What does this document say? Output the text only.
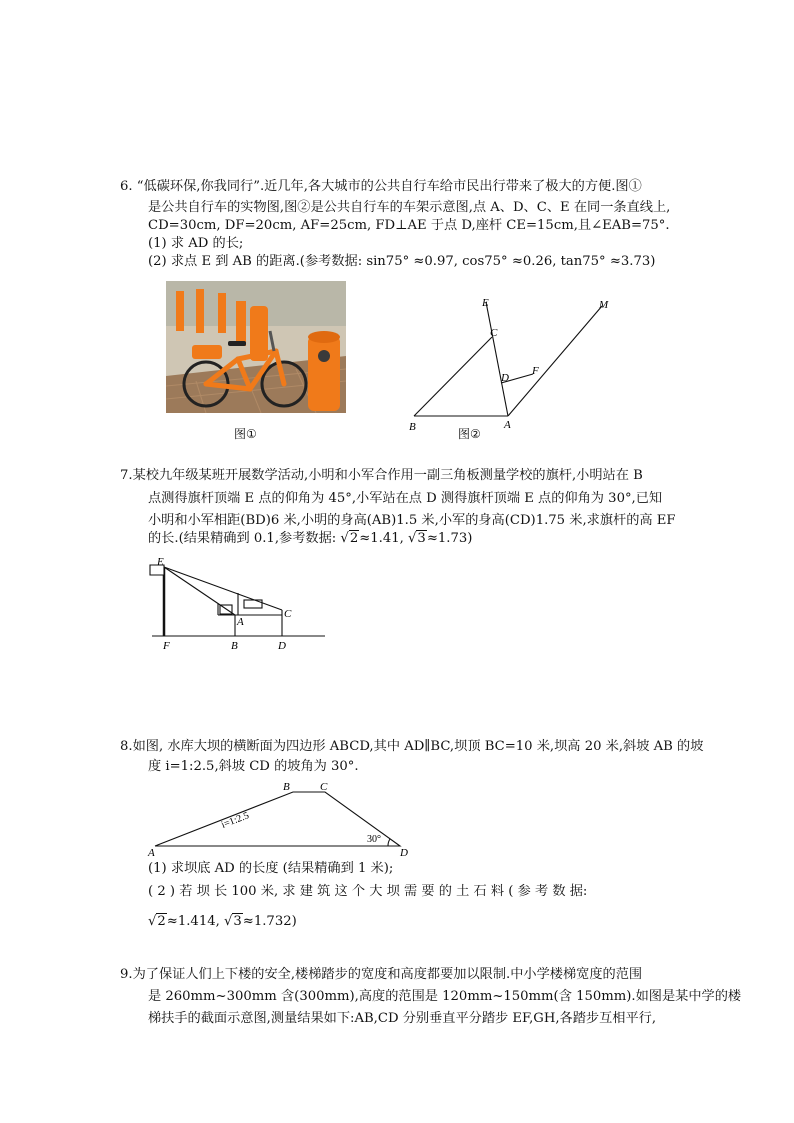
6. “低碳环保,你我同行”.近几年,各大城市的公共自行车给市民出行带来了极大的方便.图①
是公共自行车的实物图,图②是公共自行车的车架示意图,点 A、D、C、E 在同一条直线上,
CD=30cm, DF=20cm, AF=25cm, FD⊥AE 于点 D,座杆 CE=15cm,且∠EAB=75°.
(1) 求 AD 的长;
(2) 求点 E 到 AB 的距离.(参考数据: sin75° ≈0.97, cos75° ≈0.26, tan75° ≈3.73)
图①
E
C
M
D
F
B	A
图②
7.某校九年级某班开展数学活动,小明和小军合作用一副三角板测量学校的旗杆,小明站在 B
点测得旗杆顶端 E 点的仰角为 45°,小军站在点 D 测得旗杆顶端 E 点的仰角为 30°,已知
小明和小军相距(BD)6 米,小明的身高(AB)1.5 米,小军的身高(CD)1.75 米,求旗杆的高 EF
的长.(结果精确到 0.1,参考数据: √2≈1.41, √3≈1.73)
E
A
C
F	B	D
8.如图, 水库大坝的横断面为四边形 ABCD,其中 AD∥BC,坝顶 BC=10 米,坝高 20 米,斜坡 AB 的坡
度 i=1:2.5,斜坡 CD 的坡角为 30°.
i=1:2.5
30°
A
B	C
D
(1) 求坝底 AD 的长度 (结果精确到 1 米);
( 2 ) 若 坝 长 100 米, 求 建 筑 这 个 大 坝 需 要 的 土 石 料 ( 参 考 数 据:
√2≈1.414, √3≈1.732)
9.为了保证人们上下楼的安全,楼梯踏步的宽度和高度都要加以限制.中小学楼梯宽度的范围
是 260mm~300mm 含(300mm),高度的范围是 120mm~150mm(含 150mm).如图是某中学的楼
梯扶手的截面示意图,测量结果如下:AB,CD 分别垂直平分踏步 EF,GH,各踏步互相平行,
